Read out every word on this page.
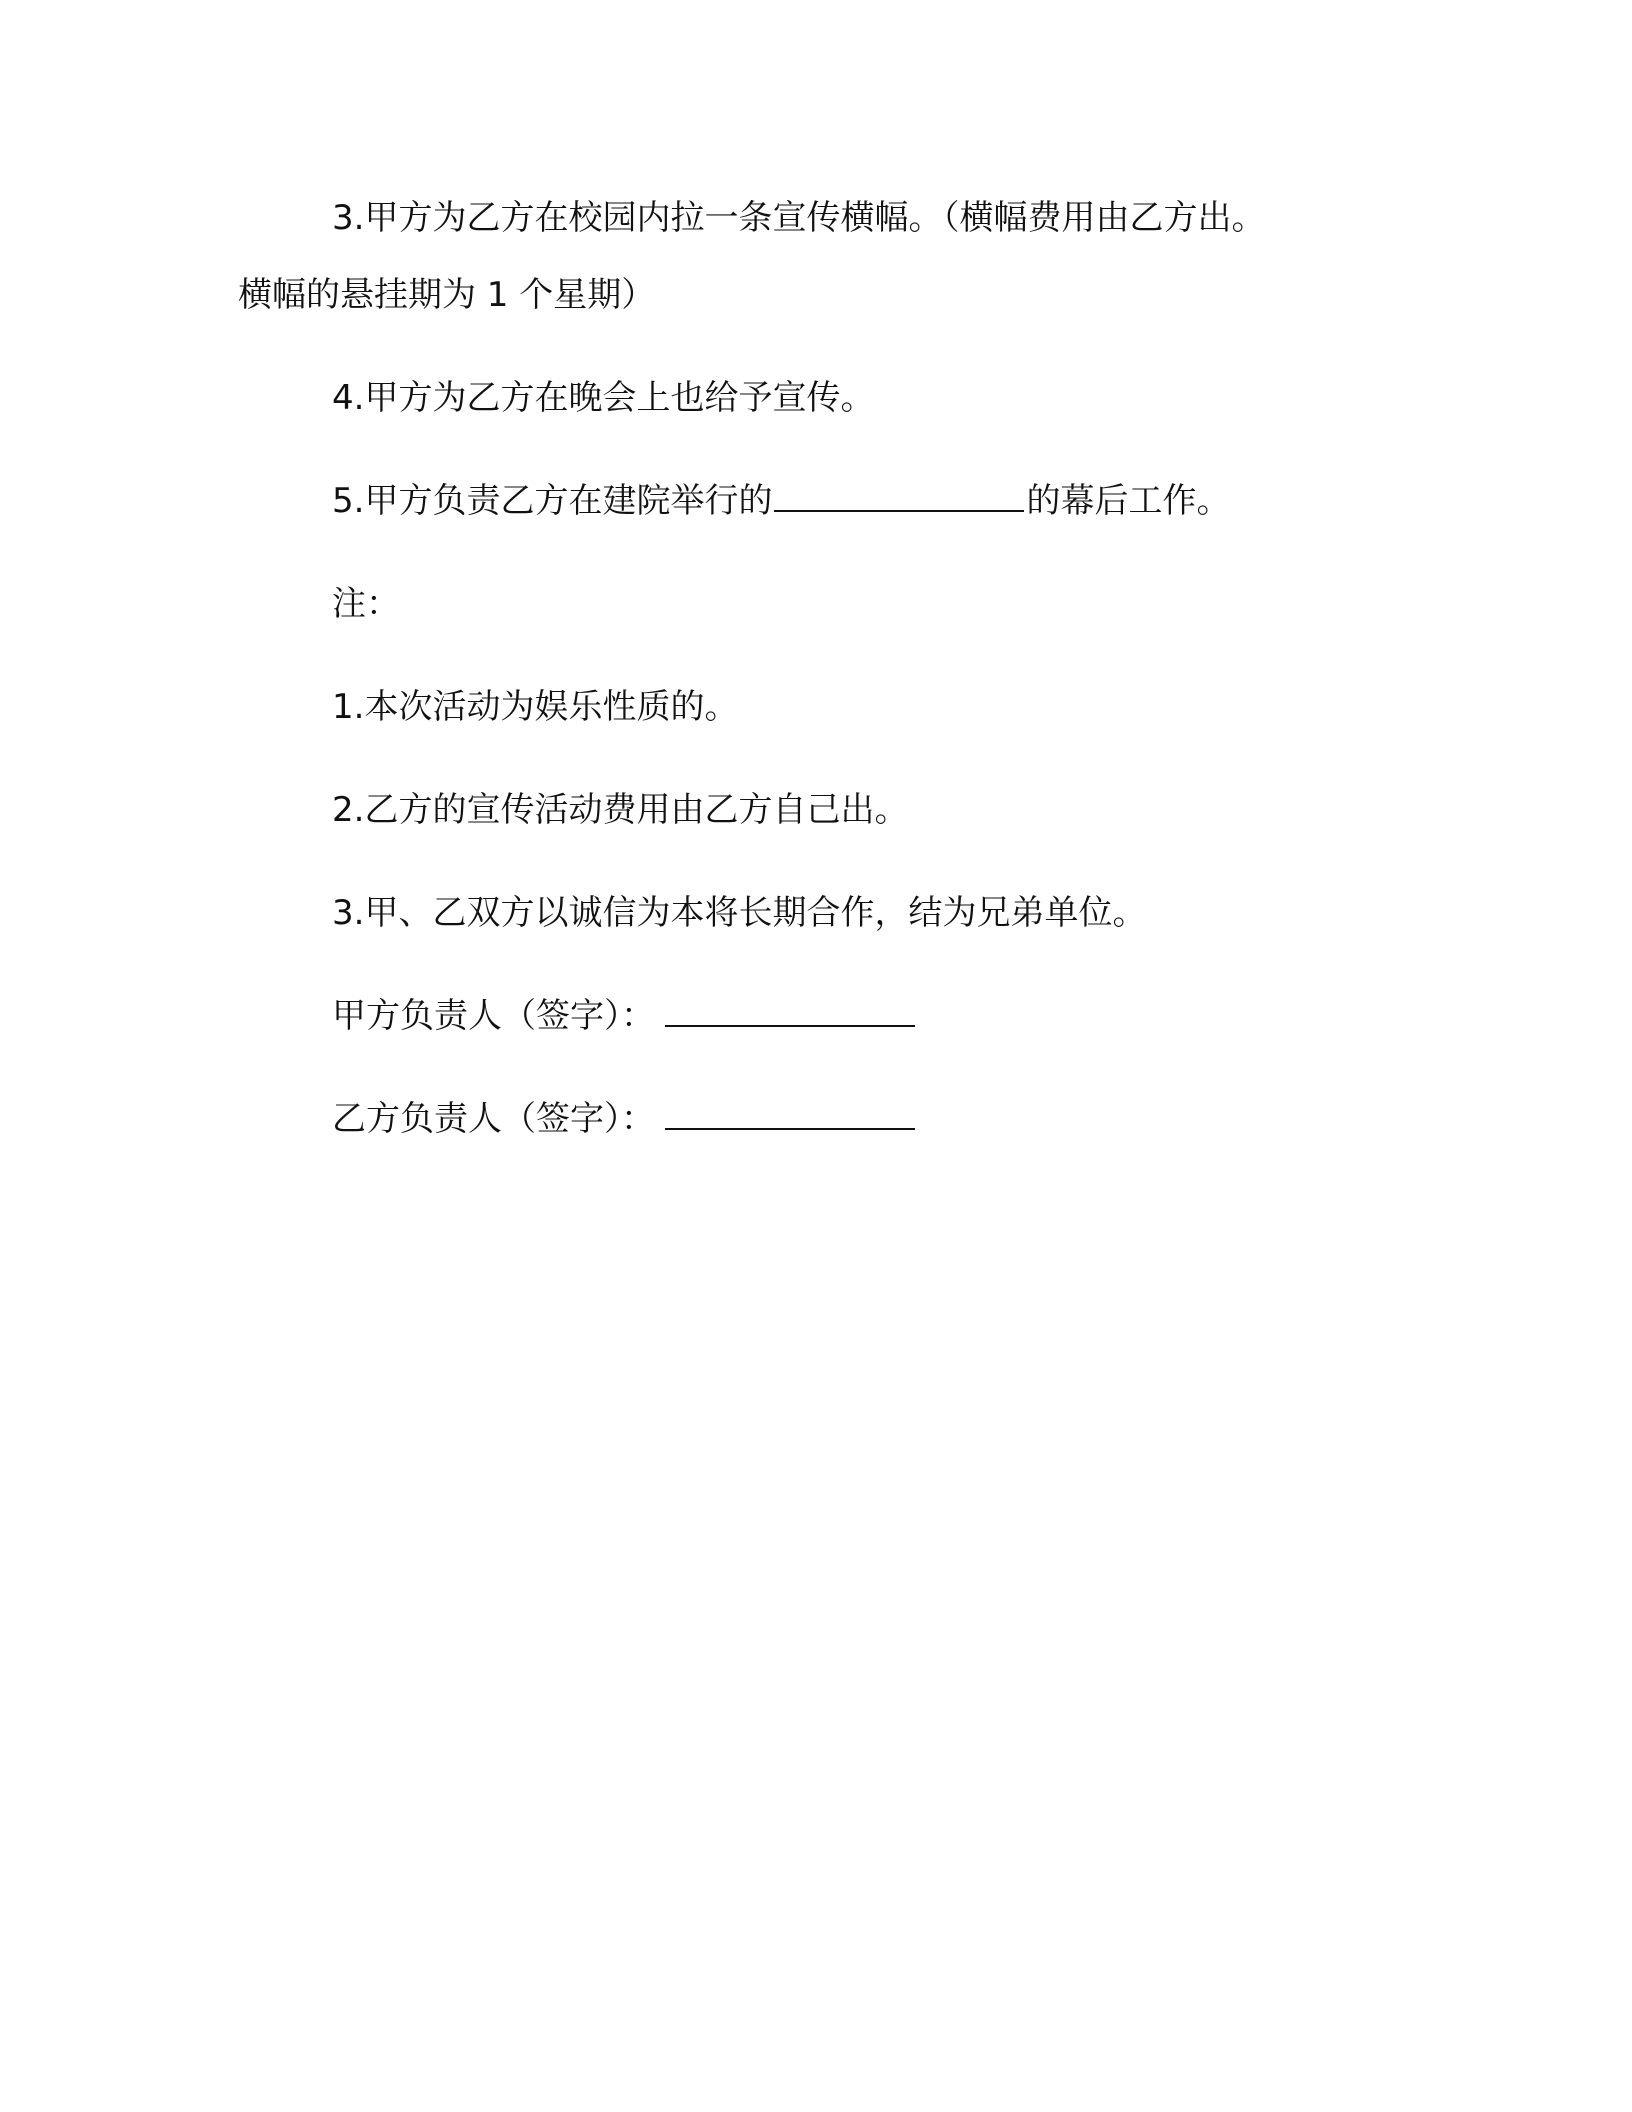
3.甲方为乙方在校园内拉一条宣传横幅。（横幅费用由乙方出。

横幅的悬挂期为 1 个星期）

4.甲方为乙方在晚会上也给予宣传。

5.甲方负责乙方在建院举行的	的幕后工作。

注：

1.本次活动为娱乐性质的。

2.乙方的宣传活动费用由乙方自己出。

3.甲、乙双方以诚信为本将长期合作，结为兄弟单位。

甲方负责人（签字）：

乙方负责人（签字）：
